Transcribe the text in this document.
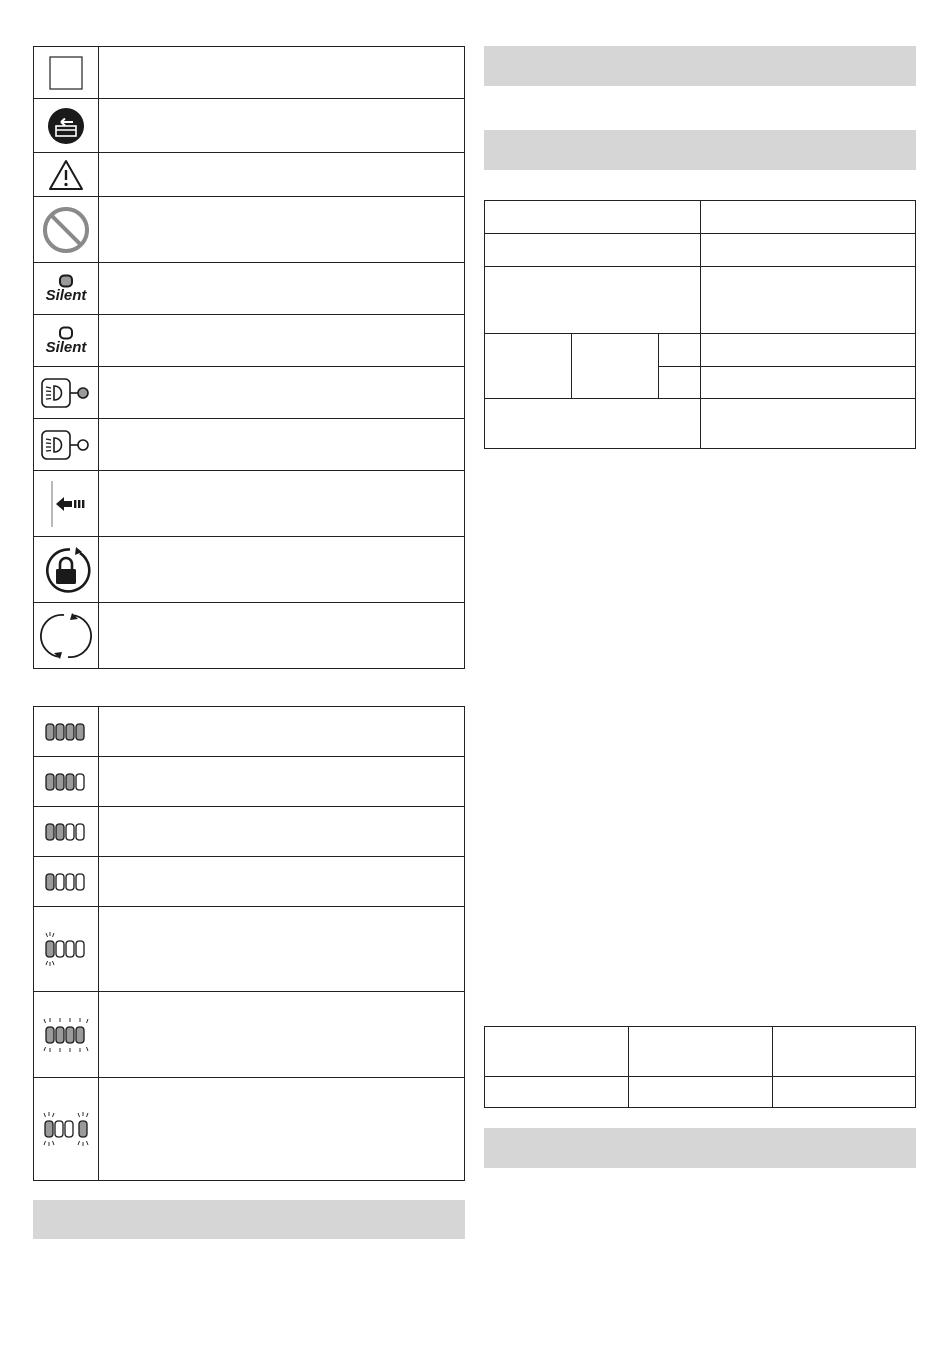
Silent	

Silent	
